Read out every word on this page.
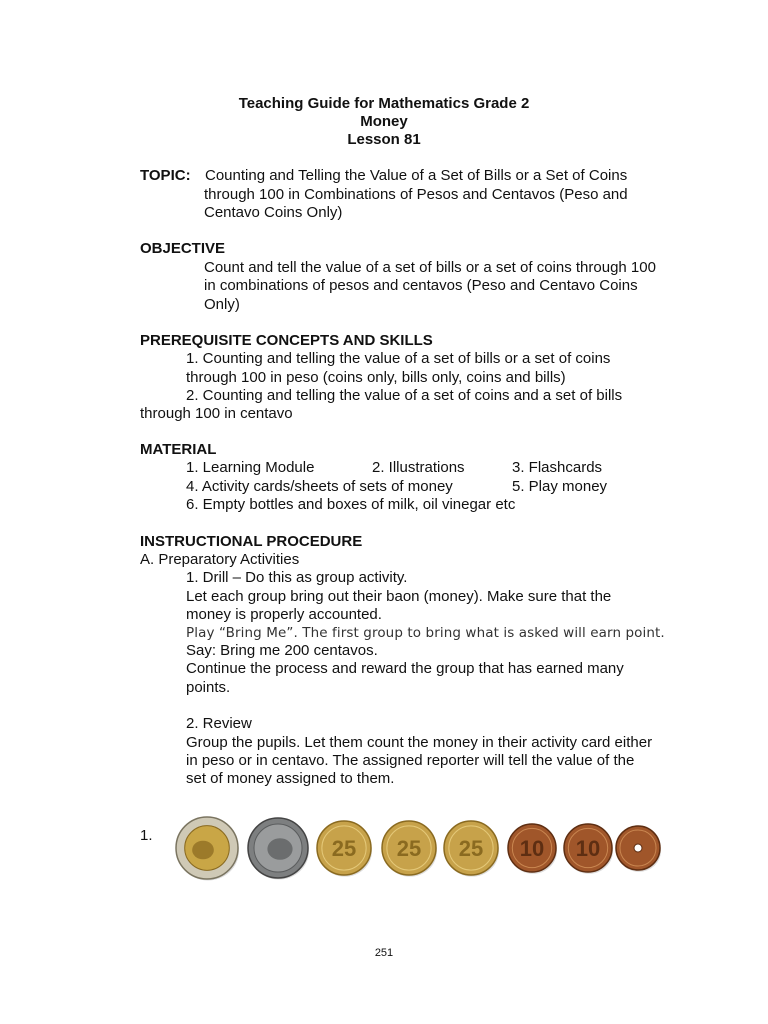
Teaching Guide for Mathematics Grade 2
Money
Lesson 81
TOPIC: Counting and Telling the Value of a Set of Bills or a Set of Coins
through 100 in Combinations of Pesos and Centavos (Peso and
Centavo Coins Only)
OBJECTIVE
Count and tell the value of a set of bills or a set of coins through 100
in combinations of pesos and centavos (Peso and Centavo Coins
Only)
PREREQUISITE CONCEPTS AND SKILLS
1. Counting and telling the value of a set of bills or a set of coins
through 100 in peso (coins only, bills only, coins and bills)
2. Counting and telling the value of a set of coins and a set of bills
through 100 in centavo
MATERIAL
1. Learning Module	2. Illustrations	3. Flashcards
4. Activity cards/sheets of sets of money	5. Play money
6. Empty bottles and boxes of milk, oil vinegar etc
INSTRUCTIONAL PROCEDURE
A. Preparatory Activities
1. Drill – Do this as group activity.
Let each group bring out their baon (money). Make sure that the
money is properly accounted.
Play “Bring Me”. The first group to bring what is asked will earn point.
Say: Bring me 200 centavos.
Continue the process and reward the group that has earned many
points.
2. Review
Group the pupils. Let them count the money in their activity card either
in peso or in centavo. The assigned reporter will tell the value of the
set of money assigned to them.
1.
25 25 25 10 10
251
